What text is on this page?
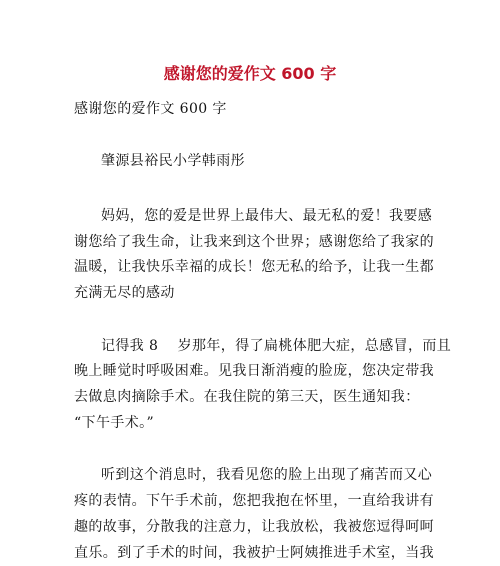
感谢您的爱作文 600 字
感谢您的爱作文 600 字
肇源县裕民小学韩雨彤
妈妈，您的爱是世界上最伟大、最无私的爱！我要感
谢您给了我生命，让我来到这个世界；感谢您给了我家的
温暖，让我快乐幸福的成长！您无私的给予，让我一生都
充满无尽的感动
记得我 8　 岁那年，得了扁桃体肥大症，总感冒，而且
晚上睡觉时呼吸困难。见我日渐消瘦的脸庞，您决定带我
去做息肉摘除手术。在我住院的第三天，医生通知我：
“下午手术。”
听到这个消息时，我看见您的脸上出现了痛苦而又心
疼的表情。下午手术前，您把我抱在怀里，一直给我讲有
趣的故事，分散我的注意力，让我放松，我被您逗得呵呵
直乐。到了手术的时间，我被护士阿姨推进手术室，当我
